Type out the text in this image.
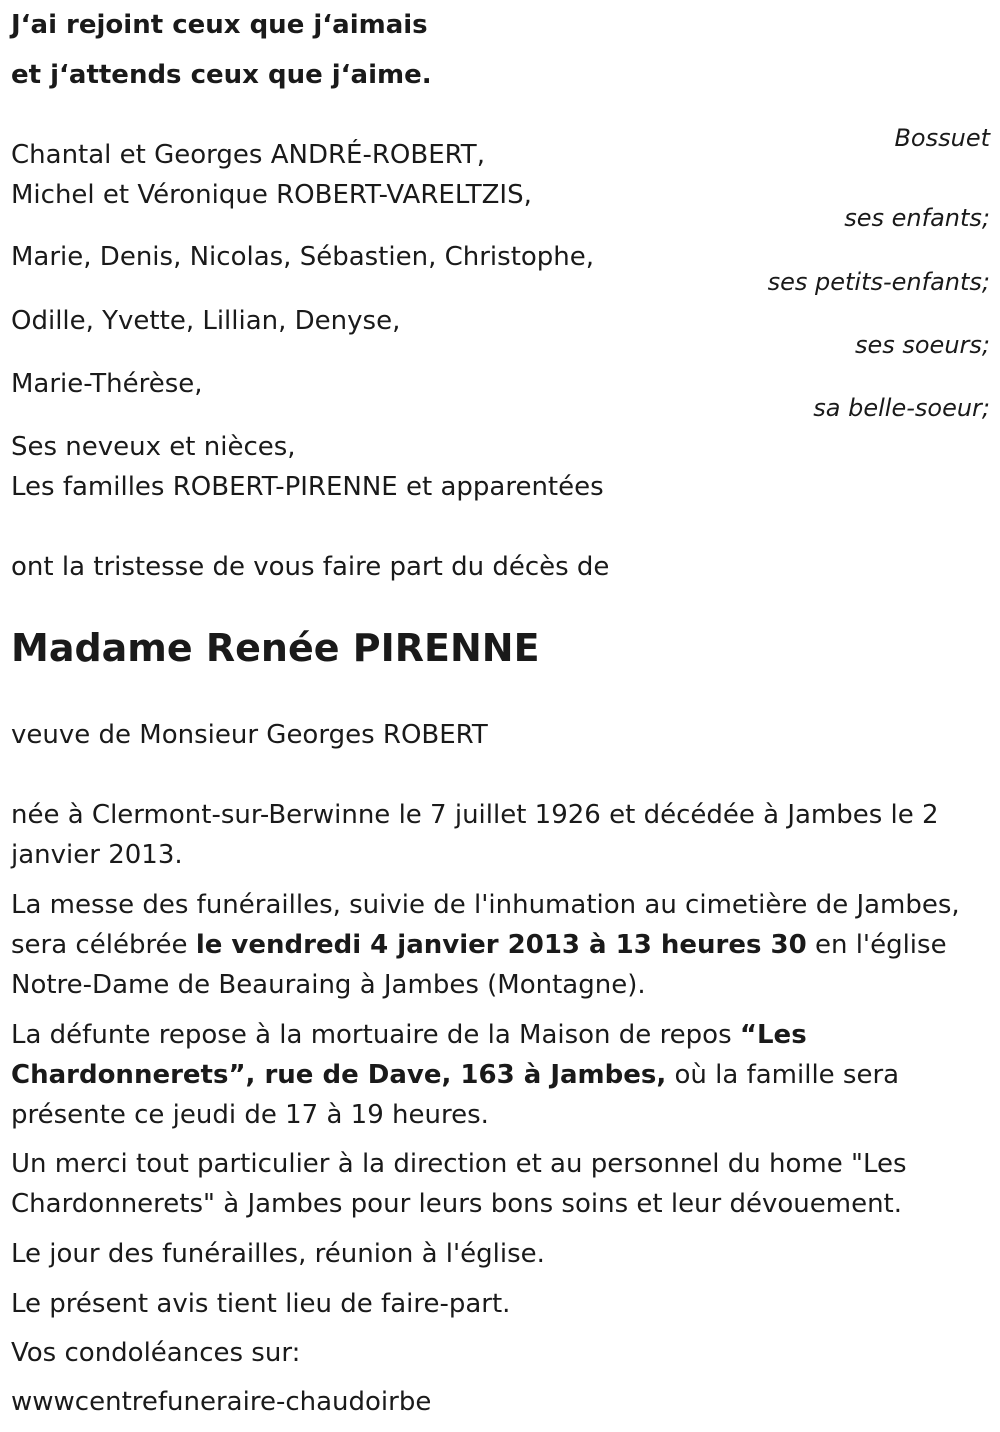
J‘ai rejoint ceux que j‘aimais
et j‘attends ceux que j‘aime.
Bossuet
Chantal et Georges ANDRÉ-ROBERT,
Michel et Véronique ROBERT-VARELTZIS,
ses enfants;
Marie, Denis, Nicolas, Sébastien, Christophe,
ses petits-enfants;
Odille, Yvette, Lillian, Denyse,
ses soeurs;
Marie-Thérèse,
sa belle-soeur;
Ses neveux et nièces,
Les familles ROBERT-PIRENNE et apparentées
ont la tristesse de vous faire part du décès de
Madame Renée PIRENNE
veuve de Monsieur Georges ROBERT
née à Clermont-sur-Berwinne le 7 juillet 1926 et décédée à Jambes le 2 janvier 2013.
La messe des funérailles, suivie de l'inhumation au cimetière de Jambes, sera célébrée le vendredi 4 janvier 2013 à 13 heures 30 en l'église Notre-Dame de Beauraing à Jambes (Montagne).
La défunte repose à la mortuaire de la Maison de repos “Les Chardonnerets”, rue de Dave, 163 à Jambes, où la famille sera présente ce jeudi de 17 à 19 heures.
Un merci tout particulier à la direction et au personnel du home "Les Chardonnerets" à Jambes pour leurs bons soins et leur dévouement.
Le jour des funérailles, réunion à l'église.
Le présent avis tient lieu de faire-part.
Vos condoléances sur:
wwwcentrefuneraire-chaudoirbe
